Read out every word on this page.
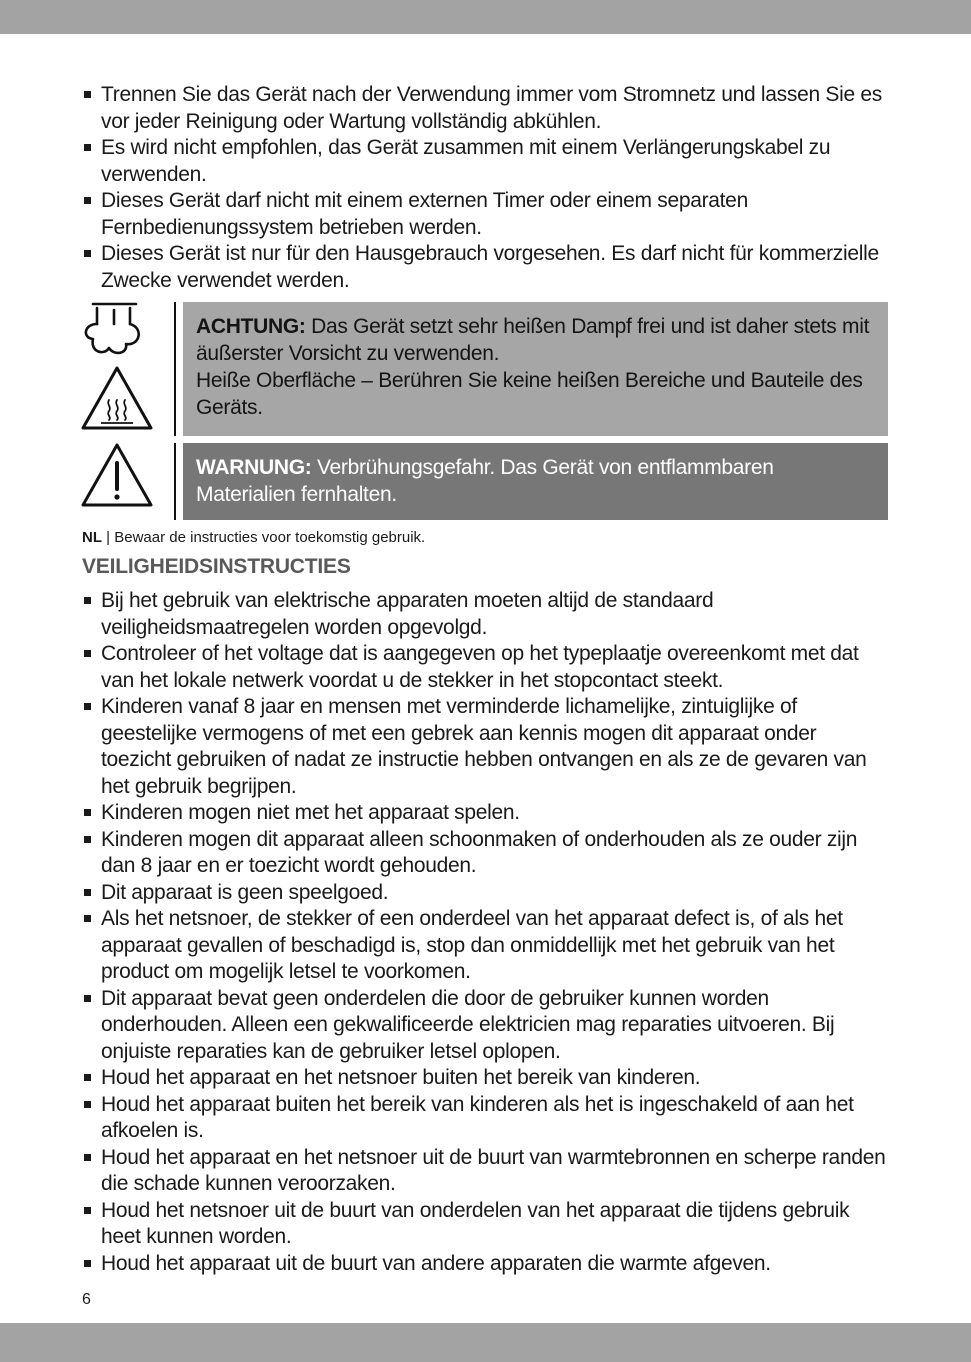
Trennen Sie das Gerät nach der Verwendung immer vom Stromnetz und lassen Sie es vor jeder Reinigung oder Wartung vollständig abkühlen.
Es wird nicht empfohlen, das Gerät zusammen mit einem Verlängerungskabel zu verwenden.
Dieses Gerät darf nicht mit einem externen Timer oder einem separaten Fernbedienungssystem betrieben werden.
Dieses Gerät ist nur für den Hausgebrauch vorgesehen. Es darf nicht für kommerzielle Zwecke verwendet werden.
ACHTUNG: Das Gerät setzt sehr heißen Dampf frei und ist daher stets mit äußerster Vorsicht zu verwenden.
Heiße Oberfläche – Berühren Sie keine heißen Bereiche und Bauteile des Geräts.
WARNUNG: Verbrühungsgefahr. Das Gerät von entflammbaren Materialien fernhalten.
NL | Bewaar de instructies voor toekomstig gebruik.
VEILIGHEIDSINSTRUCTIES
Bij het gebruik van elektrische apparaten moeten altijd de standaard veiligheidsmaatregelen worden opgevolgd.
Controleer of het voltage dat is aangegeven op het typeplaatje overeenkomt met dat van het lokale netwerk voordat u de stekker in het stopcontact steekt.
Kinderen vanaf 8 jaar en mensen met verminderde lichamelijke, zintuiglijke of geestelijke vermogens of met een gebrek aan kennis mogen dit apparaat onder toezicht gebruiken of nadat ze instructie hebben ontvangen en als ze de gevaren van het gebruik begrijpen.
Kinderen mogen niet met het apparaat spelen.
Kinderen mogen dit apparaat alleen schoonmaken of onderhouden als ze ouder zijn dan 8 jaar en er toezicht wordt gehouden.
Dit apparaat is geen speelgoed.
Als het netsnoer, de stekker of een onderdeel van het apparaat defect is, of als het apparaat gevallen of beschadigd is, stop dan onmiddellijk met het gebruik van het product om mogelijk letsel te voorkomen.
Dit apparaat bevat geen onderdelen die door de gebruiker kunnen worden onderhouden. Alleen een gekwalificeerde elektricien mag reparaties uitvoeren. Bij onjuiste reparaties kan de gebruiker letsel oplopen.
Houd het apparaat en het netsnoer buiten het bereik van kinderen.
Houd het apparaat buiten het bereik van kinderen als het is ingeschakeld of aan het afkoelen is.
Houd het apparaat en het netsnoer uit de buurt van warmtebronnen en scherpe randen die schade kunnen veroorzaken.
Houd het netsnoer uit de buurt van onderdelen van het apparaat die tijdens gebruik heet kunnen worden.
Houd het apparaat uit de buurt van andere apparaten die warmte afgeven.
6
